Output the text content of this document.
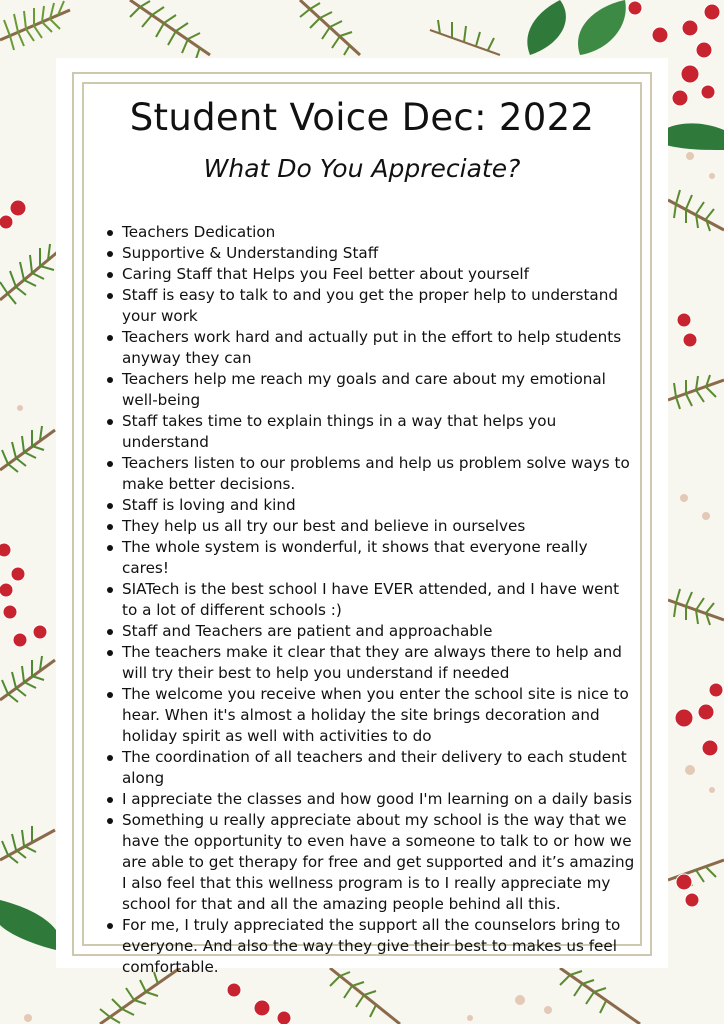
Student Voice Dec: 2022
What Do You Appreciate?
Teachers Dedication
Supportive & Understanding Staff
Caring Staff that Helps you Feel better about yourself
Staff is easy to talk to and you get the proper help to understand your work
Teachers work hard and actually put in the effort to help students anyway they can
Teachers help me reach my goals and care about my emotional well-being
Staff takes time to explain things in a way that helps you understand
Teachers listen to our problems and help us problem solve ways to make better decisions.
Staff is loving and kind
They help us all try our best and believe in ourselves
The whole system is wonderful, it shows that everyone really cares!
SIATech is the best school I have EVER attended, and I have went to a lot of different schools :)
Staff and Teachers are patient and approachable
The teachers make it clear that they are always there to help and will try their best to help you understand if needed
The welcome you receive when you enter the school site is nice to hear. When it's almost a holiday the site brings decoration and holiday spirit as well with activities to do
The coordination of all teachers and their delivery to each student along
I appreciate the classes and how good I'm learning on a daily basis
Something u really appreciate about my school is the way that we have the opportunity to even have a someone to talk to or how we are able to get therapy for free and get supported and it’s amazing I also feel that this wellness program is to I really appreciate my school for that and all the amazing people behind all this.
For me, I truly appreciated the support all the counselors bring to everyone. And also the way they give their best to makes us feel comfortable.
